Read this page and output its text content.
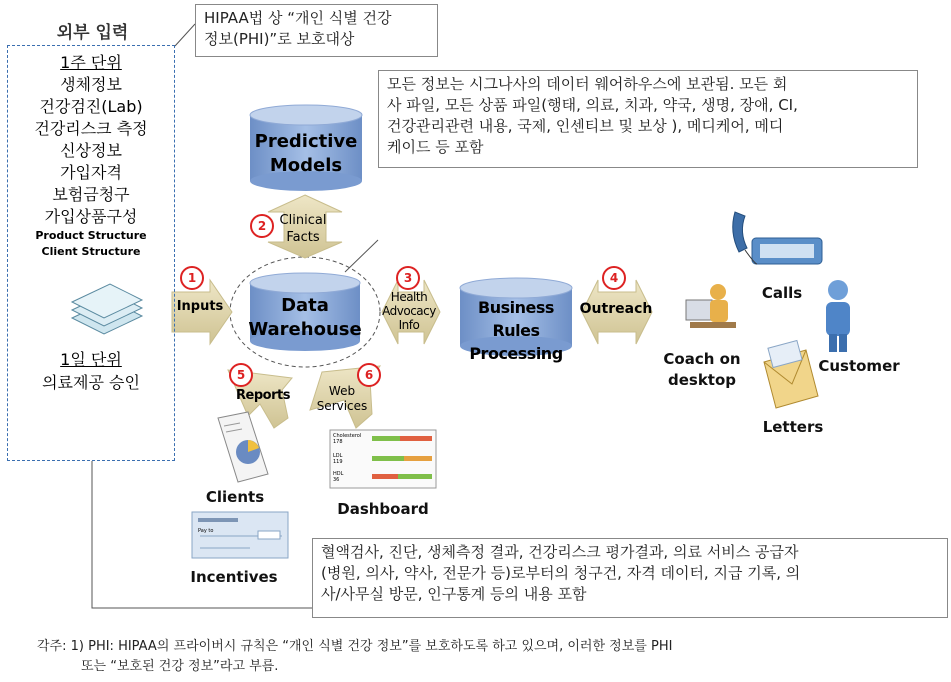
외부 입력
1주 단위
생체정보
건강검진(Lab)
건강리스크 측정
신상정보
가입자격
보험금청구
가입상품구성
Product Structure
Client Structure
1일 단위
의료제공 승인
HIPAA법 상 “개인 식별 건강
정보(PHI)”로 보호대상
모든 정보는 시그나사의 데이터 웨어하우스에 보관됨. 모든 회
사 파일, 모든 상품 파일(행태, 의료, 치과, 약국, 생명, 장애, CI,
건강관리관련 내용, 국제, 인센티브 및 보상 ), 메디케어, 메디
케이드 등 포함
혈액검사, 진단, 생체측정 결과, 건강리스크 평가결과, 의료 서비스 공급자
(병원, 의사, 약사, 전문가 등)로부터의 청구건, 자격 데이터, 지급 기록, 의
사/사무실 방문, 인구통계 등의 내용 포함
Predictive
Models
Data
Warehouse
Business Rules
Processing
1
2
3	4
5	6
Inputs
Clinical Facts
Health Advocacy Info
Outreach
Reports	Web Services
Clients
Dashboard
Incentives
Calls
Customer
Coach on
desktop
Letters
Cholesterol
178
LDL
119
HDL
36
Pay to
각주: 1) PHI: HIPAA의 프라이버시 규칙은 “개인 식별 건강 정보”를 보호하도록 하고 있으며, 이러한 정보를 PHI
또는 “보호된 건강 정보”라고 부름.
